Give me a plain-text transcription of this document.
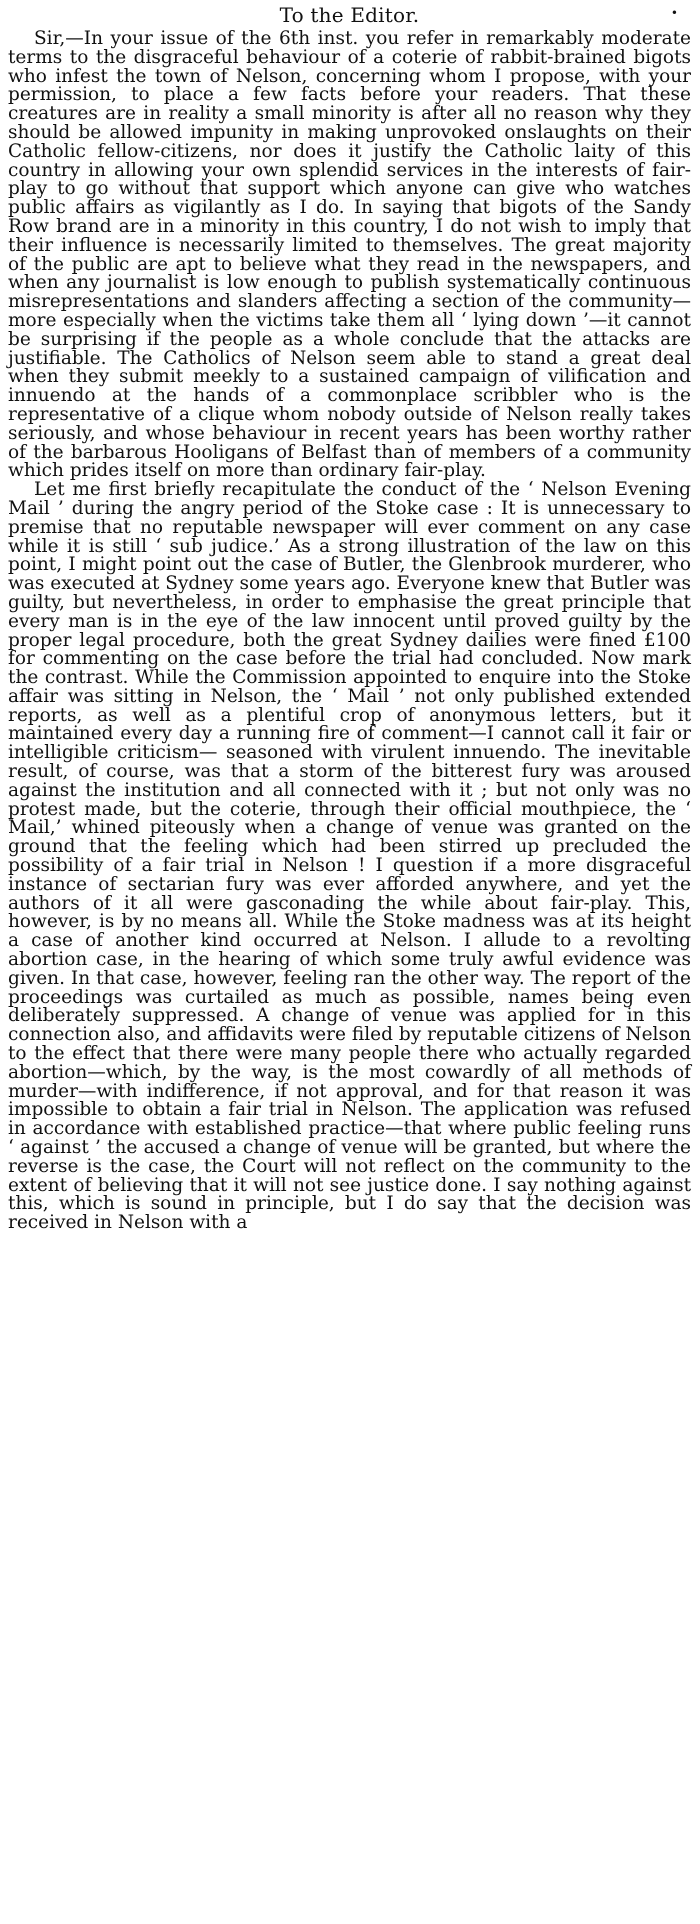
•
To the Editor.

Sir,—In your issue of the 6th inst. you refer in remarkably moderate terms to the disgraceful behaviour of a coterie of rabbit-brained bigots who infest the town of Nelson, concerning whom I propose, with your permission, to place a few facts before your readers. That these creatures are in reality a small minority is after all no reason why they should be allowed impunity in making unprovoked onslaughts on their Catholic fellow-citizens, nor does it justify the Catholic laity of this country in allowing your own splendid services in the interests of fair-play to go without that support which anyone can give who watches public affairs as vigilantly as I do. In saying that bigots of the Sandy Row brand are in a minority in this country, I do not wish to imply that their influence is necessarily limited to themselves. The great majority of the public are apt to believe what they read in the newspapers, and when any journalist is low enough to publish systematically continuous misrepresentations and slanders affecting a section of the community—more especially when the victims take them all ‘ lying down ’—it cannot be surprising if the people as a whole conclude that the attacks are justifiable. The Catholics of Nelson seem able to stand a great deal when they submit meekly to a sustained campaign of vilification and innuendo at the hands of a commonplace scribbler who is the representative of a clique whom nobody outside of Nelson really takes seriously, and whose behaviour in recent years has been worthy rather of the barbarous Hooligans of Belfast than of members of a community which prides itself on more than ordinary fair-play.

Let me first briefly recapitulate the conduct of the ‘ Nelson Evening Mail ’ during the angry period of the Stoke case : It is unnecessary to premise that no reputable newspaper will ever comment on any case while it is still ‘ sub judice.’ As a strong illustration of the law on this point, I might point out the case of Butler, the Glenbrook murderer, who was executed at Sydney some years ago. Everyone knew that Butler was guilty, but nevertheless, in order to emphasise the great principle that every man is in the eye of the law innocent until proved guilty by the proper legal procedure, both the great Sydney dailies were fined £100 for commenting on the case before the trial had concluded. Now mark the contrast. While the Commission appointed to enquire into the Stoke affair was sitting in Nelson, the ‘ Mail ’ not only published extended reports, as well as a plentiful crop of anonymous letters, but it maintained every day a running fire of comment—I cannot call it fair or intelligible criticism— seasoned with virulent innuendo. The inevitable result, of course, was that a storm of the bitterest fury was aroused against the institution and all connected with it ; but not only was no protest made, but the coterie, through their official mouthpiece, the ‘ Mail,’ whined piteously when a change of venue was granted on the ground that the feeling which had been stirred up precluded the possibility of a fair trial in Nelson ! I question if a more disgraceful instance of sectarian fury was ever afforded anywhere, and yet the authors of it all were gasconading the while about fair-play. This, however, is by no means all. While the Stoke madness was at its height a case of another kind occurred at Nelson. I allude to a revolting abortion case, in the hearing of which some truly awful evidence was given. In that case, however, feeling ran the other way. The report of the proceedings was curtailed as much as possible, names being even deliberately suppressed. A change of venue was applied for in this connection also, and affidavits were filed by reputable citizens of Nelson to the effect that there were many people there who actually regarded abortion—which, by the way, is the most cowardly of all methods of murder—with indifference, if not approval, and for that reason it was impossible to obtain a fair trial in Nelson. The application was refused in accordance with established practice—that where public feeling runs ‘ against ’ the accused a change of venue will be granted, but where the reverse is the case, the Court will not reflect on the community to the extent of believing that it will not see justice done. I say nothing against this, which is sound in principle, but I do say that the decision was received in Nelson with a
